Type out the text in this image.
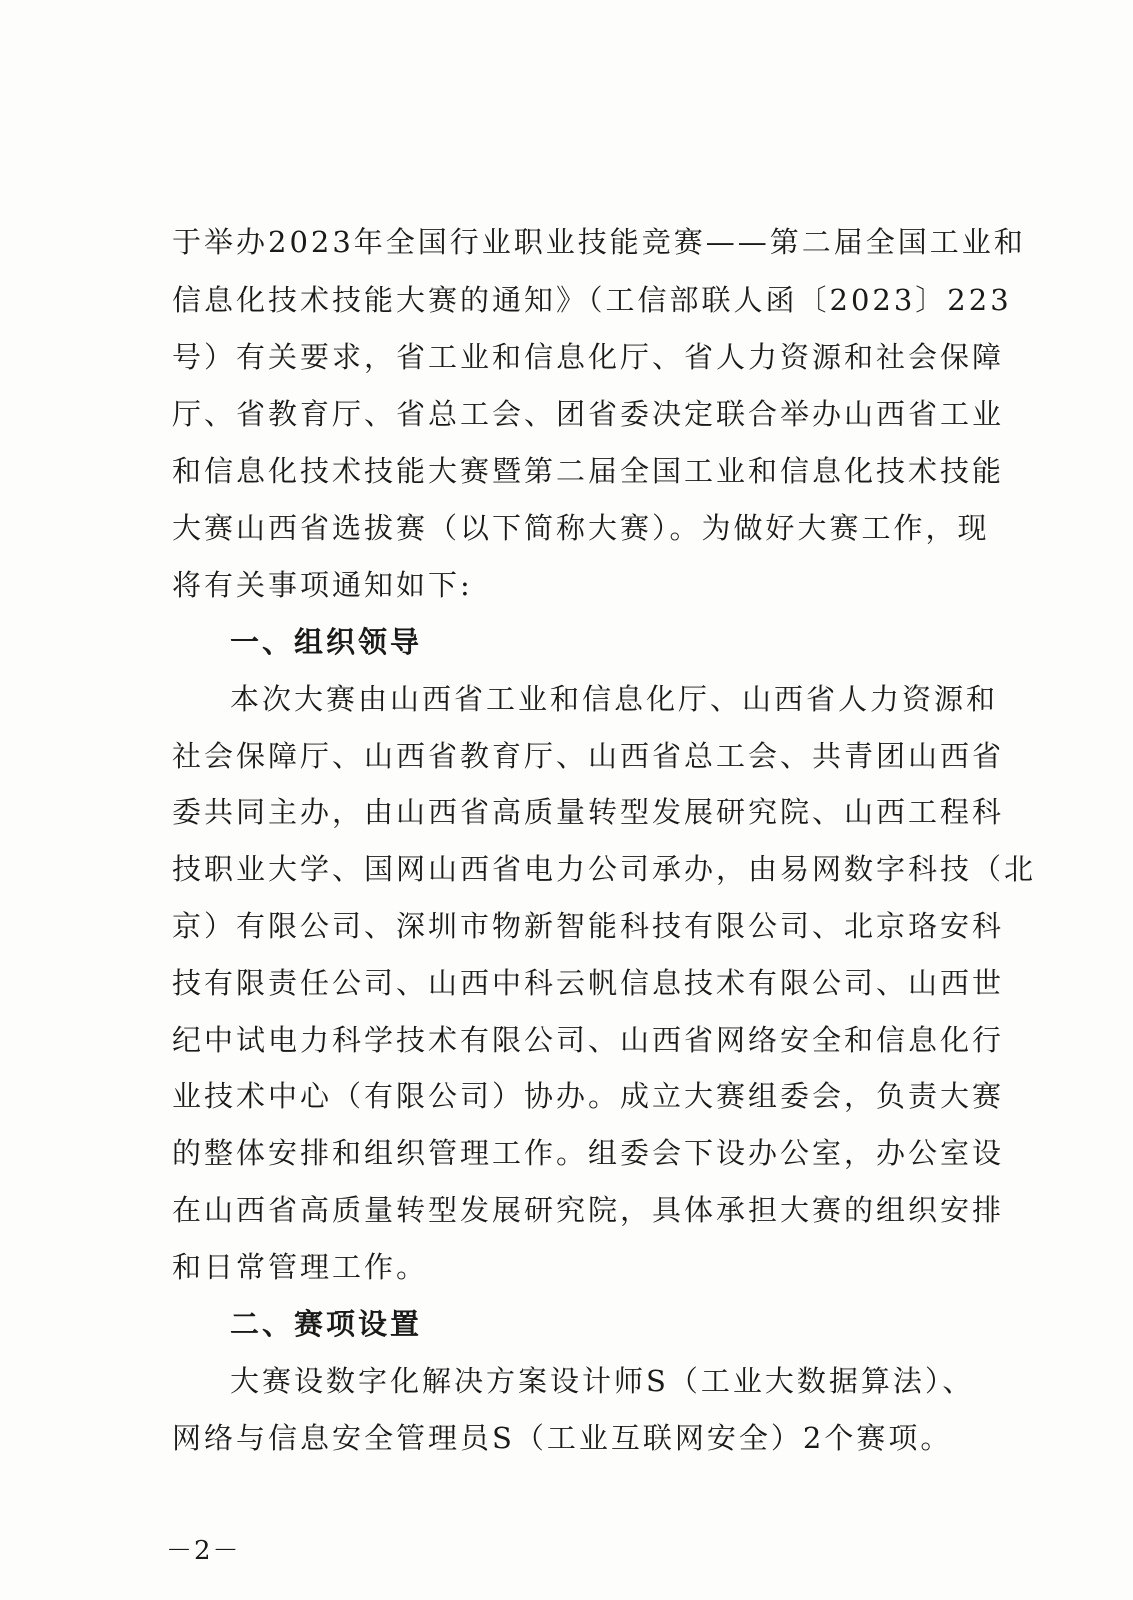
于举办2023年全国行业职业技能竞赛——第二届全国工业和
信息化技术技能大赛的通知》（工信部联人函〔2023〕223
号）有关要求，省工业和信息化厅、省人力资源和社会保障
厅、省教育厅、省总工会、团省委决定联合举办山西省工业
和信息化技术技能大赛暨第二届全国工业和信息化技术技能
大赛山西省选拔赛（以下简称大赛）。为做好大赛工作，现
将有关事项通知如下:
一、组织领导
本次大赛由山西省工业和信息化厅、山西省人力资源和
社会保障厅、山西省教育厅、山西省总工会、共青团山西省
委共同主办，由山西省高质量转型发展研究院、山西工程科
技职业大学、国网山西省电力公司承办，由易网数字科技（北
京）有限公司、深圳市物新智能科技有限公司、北京珞安科
技有限责任公司、山西中科云帆信息技术有限公司、山西世
纪中试电力科学技术有限公司、山西省网络安全和信息化行
业技术中心（有限公司）协办。成立大赛组委会，负责大赛
的整体安排和组织管理工作。组委会下设办公室，办公室设
在山西省高质量转型发展研究院，具体承担大赛的组织安排
和日常管理工作。
二、赛项设置
大赛设数字化解决方案设计师S（工业大数据算法）、
网络与信息安全管理员S（工业互联网安全）2个赛项。
－2－
